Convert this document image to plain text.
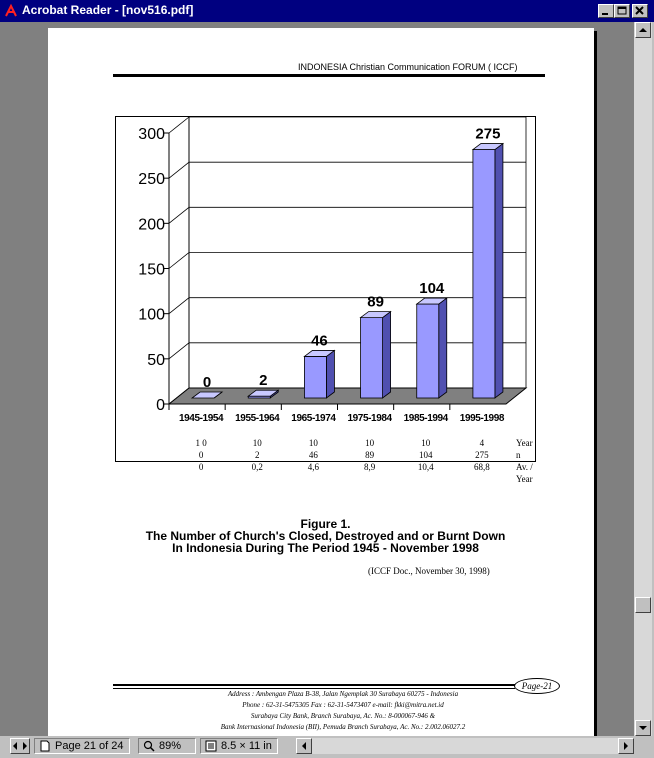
Acrobat Reader - [nov516.pdf]
INDONESIA Christian Communication FORUM ( ICCF)
0
50
100
150
200
250
300
0
1945-1954
2
1955-1964
46
1965-1974
89
1975-1984
104
1985-1994
275
1995-1998
1 0	10	10	10	10	4	Year
0	2	46	89	104	275	n
0	0,2	4,6	8,9	10,4	68,8	Av. /
Year
Figure 1.
The Number of Church's Closed, Destroyed and or Burnt Down
In Indonesia During The Period 1945 - November 1998
(ICCF Doc., November 30, 1998)
Page-21
Address : Ambengan Plaza B-38, Jalan Ngemplak 30 Surabaya 60275 - Indonesia
Phone : 62-31-5475305 Fax : 62-31-5473407 e-mail: fkki@mitra.net.id
Surabaya City Bank, Branch Surabaya, Ac. No.: 8-000067-946 &
Bank Internasional Indonesia (BII), Pemuda Branch Surabaya, Ac. No.: 2.002.06027.2
Page 21 of 24	89%	8.5 × 11 in
